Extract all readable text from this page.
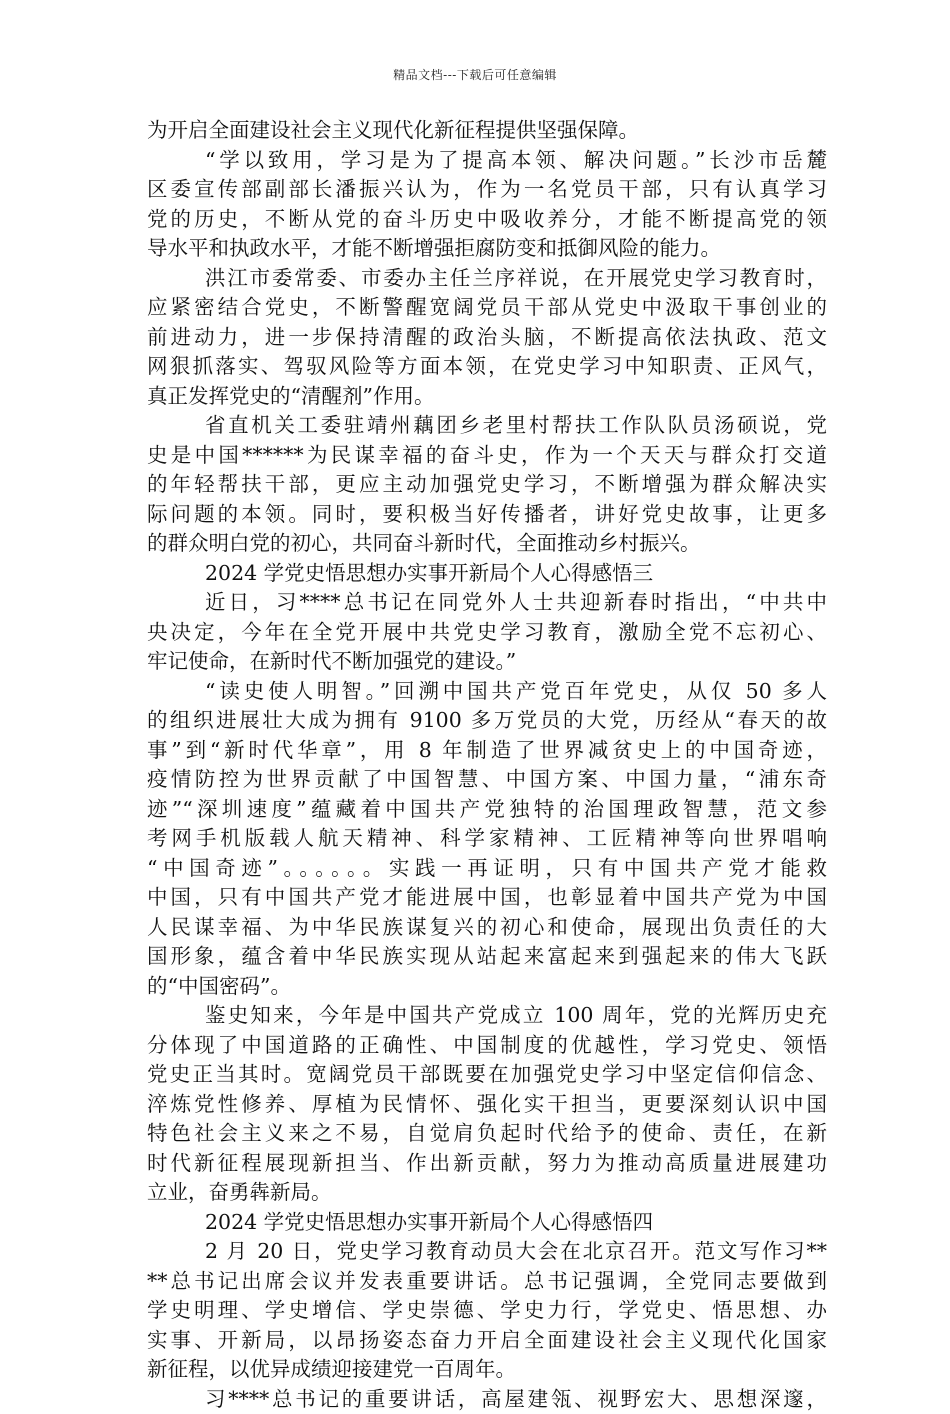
精品文档---下载后可任意编辑
为开启全面建设社会主义现代化新征程提供坚强保障。
“学以致用，学习是为了提高本领、解决问题。”长沙市岳麓
区委宣传部副部长潘振兴认为，作为一名党员干部，只有认真学习
党的历史，不断从党的奋斗历史中吸收养分，才能不断提高党的领
导水平和执政水平，才能不断增强拒腐防变和抵御风险的能力。
洪江市委常委、市委办主任兰序祥说，在开展党史学习教育时，
应紧密结合党史，不断警醒宽阔党员干部从党史中汲取干事创业的
前进动力，进一步保持清醒的政治头脑，不断提高依法执政、范文
网狠抓落实、驾驭风险等方面本领，在党史学习中知职责、正风气，
真正发挥党史的“清醒剂”作用。
省直机关工委驻靖州藕团乡老里村帮扶工作队队员汤硕说，党
史是中国******为民谋幸福的奋斗史，作为一个天天与群众打交道
的年轻帮扶干部，更应主动加强党史学习，不断增强为群众解决实
际问题的本领。同时，要积极当好传播者，讲好党史故事，让更多
的群众明白党的初心，共同奋斗新时代，全面推动乡村振兴。
2024 学党史悟思想办实事开新局个人心得感悟三
近日，习****总书记在同党外人士共迎新春时指出，“中共中
央决定，今年在全党开展中共党史学习教育，激励全党不忘初心、
牢记使命，在新时代不断加强党的建设。”
“读史使人明智。”回溯中国共产党百年党史，从仅 50 多人
的组织进展壮大成为拥有 9100 多万党员的大党，历经从“春天的故
事”到“新时代华章”，用 8 年制造了世界减贫史上的中国奇迹，
疫情防控为世界贡献了中国智慧、中国方案、中国力量，“浦东奇
迹”“深圳速度”蕴藏着中国共产党独特的治国理政智慧，范文参
考网手机版载人航天精神、科学家精神、工匠精神等向世界唱响
“中国奇迹”。。。。。。实践一再证明，只有中国共产党才能救
中国，只有中国共产党才能进展中国，也彰显着中国共产党为中国
人民谋幸福、为中华民族谋复兴的初心和使命，展现出负责任的大
国形象，蕴含着中华民族实现从站起来富起来到强起来的伟大飞跃
的“中国密码”。
鉴史知来，今年是中国共产党成立 100 周年，党的光辉历史充
分体现了中国道路的正确性、中国制度的优越性，学习党史、领悟
党史正当其时。宽阔党员干部既要在加强党史学习中坚定信仰信念、
淬炼党性修养、厚植为民情怀、强化实干担当，更要深刻认识中国
特色社会主义来之不易，自觉肩负起时代给予的使命、责任，在新
时代新征程展现新担当、作出新贡献，努力为推动高质量进展建功
立业，奋勇犇新局。
2024 学党史悟思想办实事开新局个人心得感悟四
2 月 20 日，党史学习教育动员大会在北京召开。范文写作习**
**总书记出席会议并发表重要讲话。总书记强调，全党同志要做到
学史明理、学史增信、学史崇德、学史力行，学党史、悟思想、办
实事、开新局，以昂扬姿态奋力开启全面建设社会主义现代化国家
新征程，以优异成绩迎接建党一百周年。
习****总书记的重要讲话，高屋建瓴、视野宏大、思想深邃，
